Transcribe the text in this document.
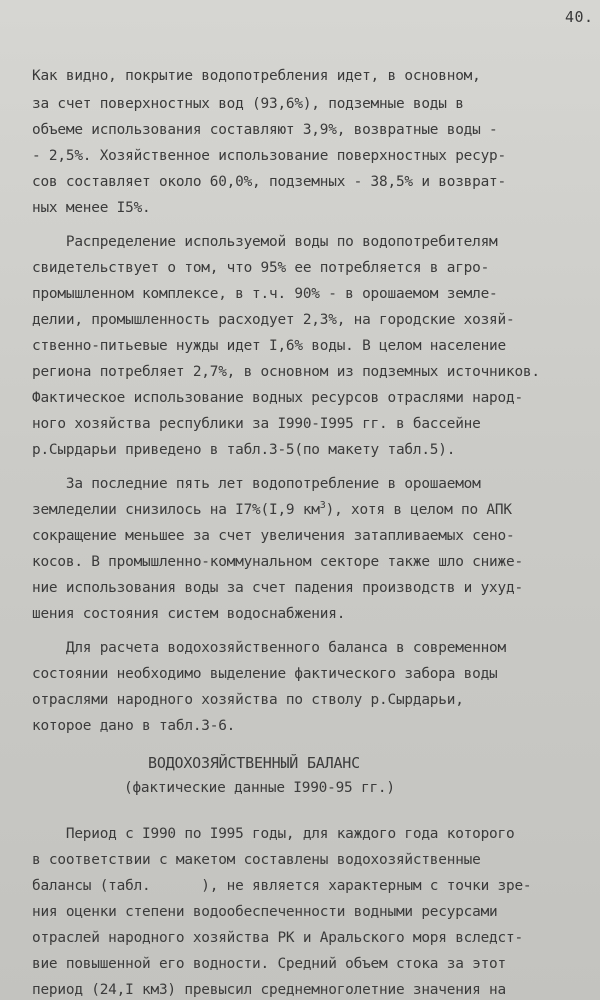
40.
Как видно, покрытие водопотребления идет, в основном,
за счет поверхностных вод (93,6%), подземные воды в
объеме использования составляют 3,9%, возвратные воды -
- 2,5%. Хозяйственное использование поверхностных ресур-
сов составляет около 60,0%, подземных - 38,5% и возврат-
ных менее I5%.
Распределение используемой воды по водопотребителям
свидетельствует о том, что 95% ее потребляется в агро-
промышленном комплексе, в т.ч. 90% - в орошаемом земле-
делии, промышленность расходует 2,3%, на городские хозяй-
ственно-питьевые нужды идет I,6% воды. В целом население
региона потребляет 2,7%, в основном из подземных источников.
Фактическое использование водных ресурсов отраслями народ-
ного хозяйства республики за I990-I995 гг. в бассейне
р.Сырдарьи приведено в табл.3-5(по макету табл.5).
За последние пять лет водопотребление в орошаемом
земледелии снизилось на I7%(I,9 $км^3$), хотя в целом по АПК
сокращение меньшее за счет увеличения затапливаемых сено-
косов. В промышленно-коммунальном секторе также шло сниже-
ние использования воды за счет падения производств и ухуд-
шения состояния систем водоснабжения.
Для расчета водохозяйственного баланса в современном
состоянии необходимо выделение фактического забора воды
отраслями народного хозяйства по стволу р.Сырдарьи,
которое дано в табл.3-6.
ВОДОХОЗЯЙСТВЕННЫЙ БАЛАНС
(фактические данные I990-95 гг.)
Период с I990 по I995 годы, для каждого года которого
в соответствии с макетом составлены водохозяйственные
балансы (табл.      ), не является характерным с точки зре-
ния оценки степени водообеспеченности водными ресурсами
отраслей народного хозяйства РК и Аральского моря вследст-
вие повышенной его водности. Средний объем стока за этот
период (24,I км3) превысил среднемноголетние значения на
